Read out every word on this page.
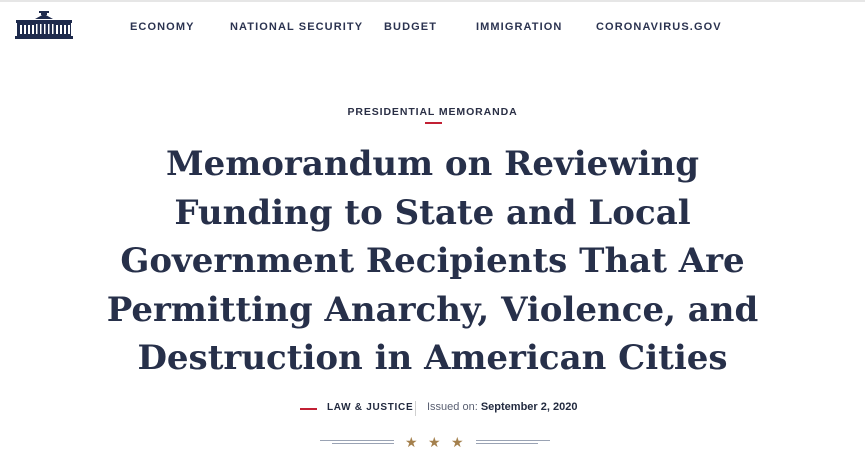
ECONOMY	NATIONAL SECURITY BUDGET	IMMIGRATION	CORONAVIRUS.GOV
PRESIDENTIAL MEMORANDA
Memorandum on Reviewing Funding to State and Local Government Recipients That Are Permitting Anarchy, Violence, and Destruction in American Cities
LAW & JUSTICE Issued on: September 2, 2020
★ ★ ★
